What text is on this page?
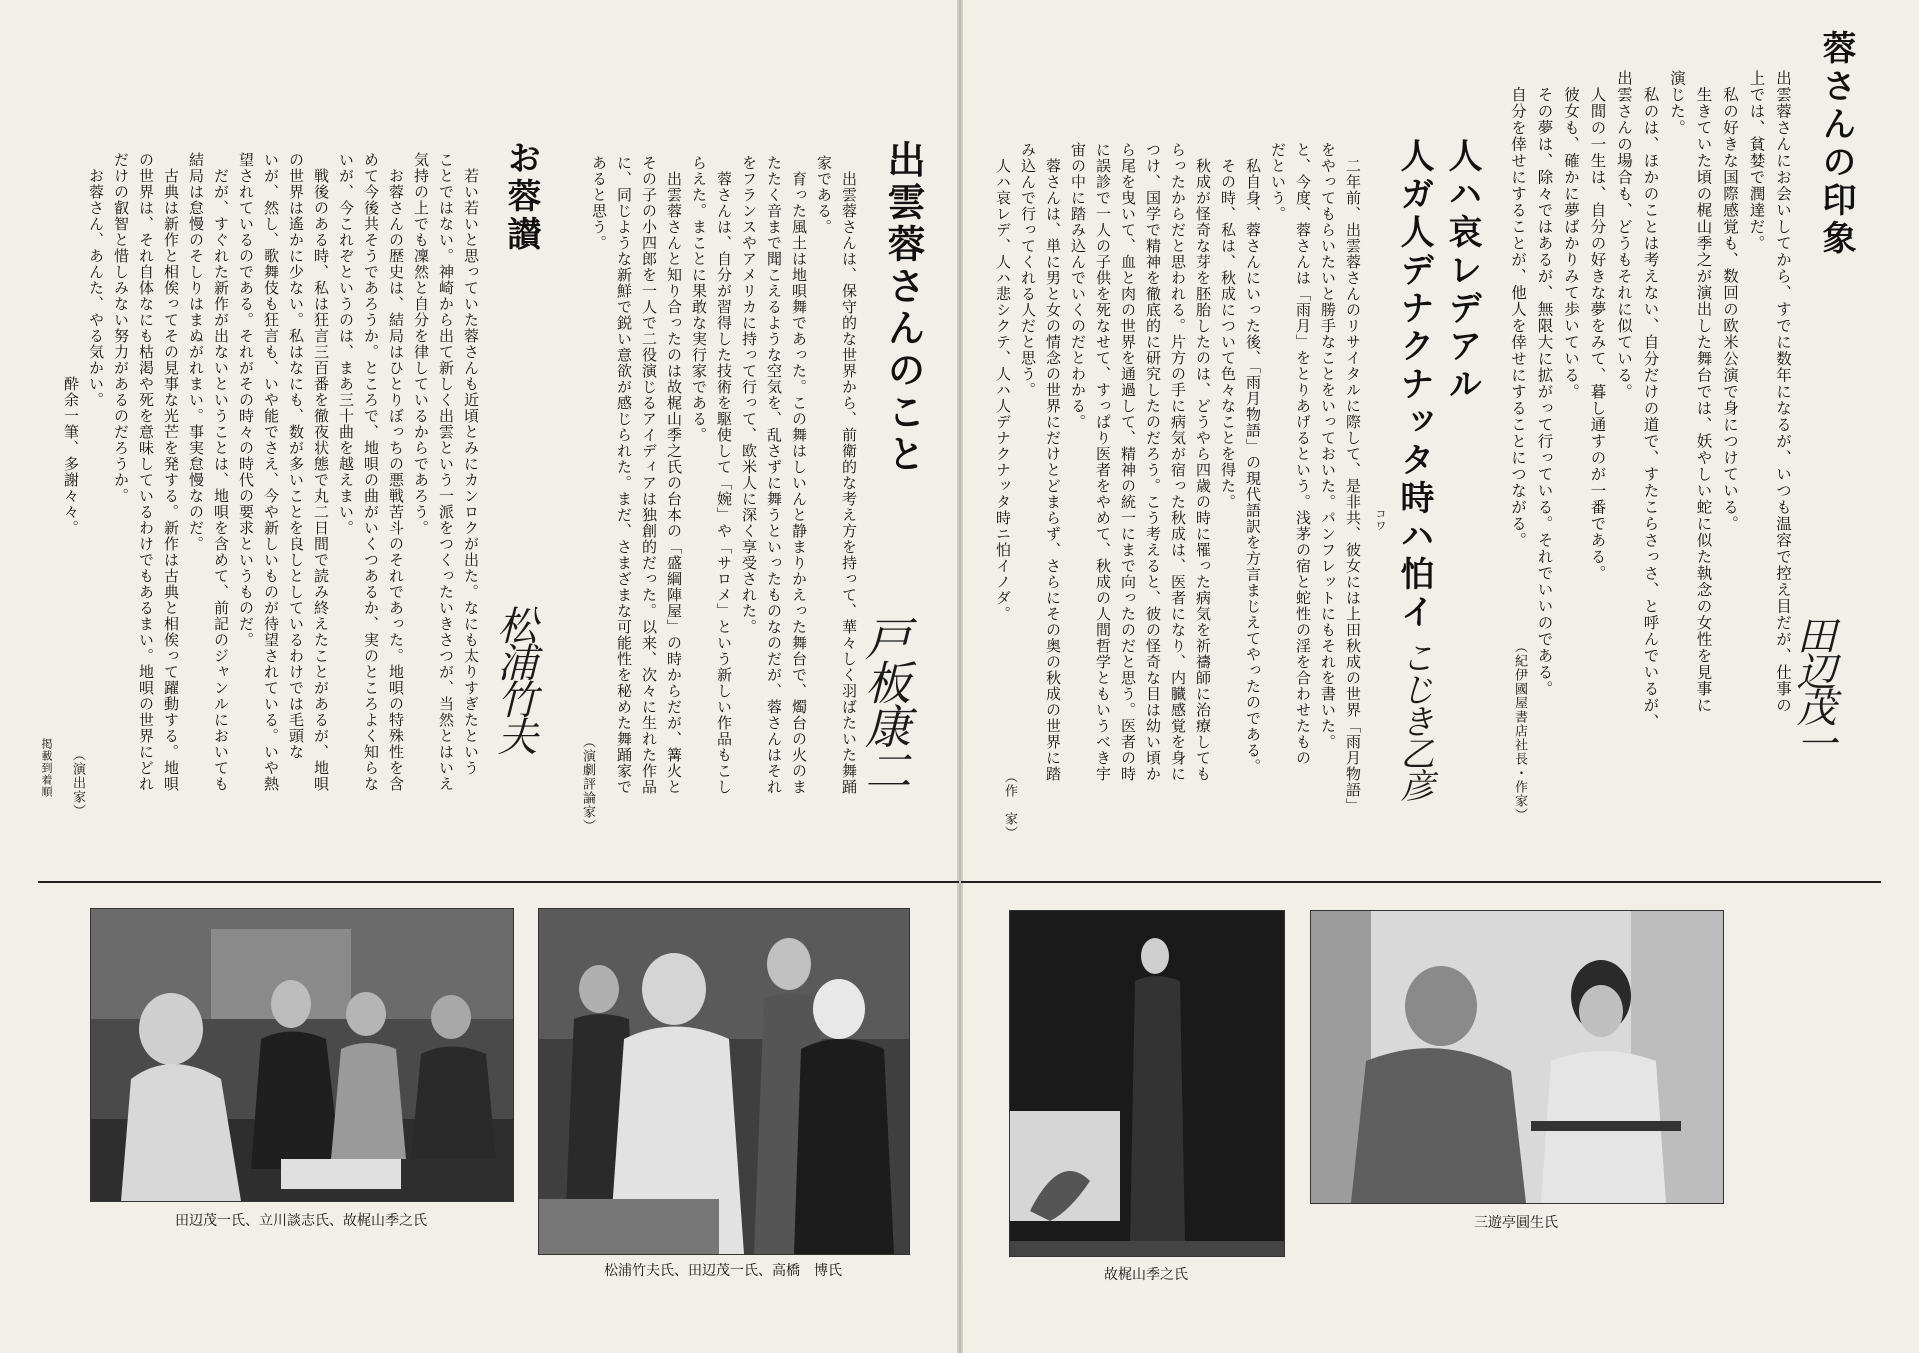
蓉さんの印象
出雲蓉さんにお会いしてから、すでに数年になるが、いつも温容で控え目だが、仕事の
上では、貧婪で潤達だ。
　私の好きな国際感覚も、数回の欧米公演で身につけている。
　生きていた頃の梶山季之が演出した舞台では、妖やしい蛇に似た執念の女性を見事に
演じた。
　私のは、ほかのことは考えない、自分だけの道で、すたこらさっさ、と呼んでいるが、
出雲さんの場合も、どうもそれに似ている。
　人間の一生は、自分の好きな夢をみて、暮し通すのが一番である。
　彼女も、確かに夢ばかりみて歩いている。
　その夢は、除々ではあるが、無限大に拡がって行っている。それでいいのである。
　自分を倖せにすることが、他人を倖せにすることにつながる。
（紀伊國屋書店社長・作家）	田辺茂一
人ハ哀レデアル
人ガ人デナクナッタ時ハ怕イ
コワ
　二年前、出雲蓉さんのリサイタルに際して、是非共、彼女には上田秋成の世界「雨月物語」
をやってもらいたいと勝手なことをいっておいた。パンフレットにもそれを書いた。
と、今度、蓉さんは「雨月」をとりあげるという。浅茅の宿と蛇性の淫を合わせたもの
だという。
　私自身、蓉さんにいった後、「雨月物語」の現代語訳を方言まじえてやったのである。
　その時、私は、秋成について色々なことを得た。
　秋成が怪奇な芽を胚胎したのは、どうやら四歳の時に罹った病気を祈禱師に治療しても
らったからだと思われる。片方の手に病気が宿った秋成は、医者になり、内臓感覚を身に
つけ、国学で精神を徹底的に研究したのだろう。こう考えると、彼の怪奇な目は幼い頃か
ら尾を曳いて、血と肉の世界を通過して、精神の統一にまで向ったのだと思う。医者の時
に誤診で一人の子供を死なせて、すっぱり医者をやめて、秋成の人間哲学ともいうべき宇
宙の中に踏み込んでいくのだとわかる。
　蓉さんは、単に男と女の情念の世界にだけとどまらず、さらにその奥の秋成の世界に踏
み込んで行ってくれる人だと思う。
　人ハ哀レデ、人ハ悲シクテ、人ハ人デナクナッタ時ニ怕イノダ。
（作　家）
こじき乙彦
出雲蓉さんのこと
　出雲蓉さんは、保守的な世界から、前衛的な考え方を持って、華々しく羽ばたいた舞踊
家である。
　育った風土は地唄舞であった。この舞はしいんと静まりかえった舞台で、燭台の火のま
たたく音まで聞こえるような空気を、乱さずに舞うといったものなのだが、蓉さんはそれ
をフランスやアメリカに持って行って、欧米人に深く享受された。
　蓉さんは、自分が習得した技術を駆使して「婉」や「サロメ」という新しい作品もこし
らえた。まことに果敢な実行家である。
　出雲蓉さんと知り合ったのは故梶山季之氏の台本の「盛綱陣屋」の時からだが、篝火と
その子の小四郎を一人で二役演じるアイディアは独創的だった。以来、次々に生れた作品
に、同じような新鮮で鋭い意欲が感じられた。まだ、さまざまな可能性を秘めた舞踊家で
あると思う。
（演劇評論家）	戸板康二
お蓉讃
　若い若いと思っていた蓉さんも近頃とみにカンロクが出た。なにも太りすぎたという
ことではない。神崎から出て新しく出雲という一派をつくったいきさつが、当然とはいえ
気持の上でも凜然と自分を律しているからであろう。
　お蓉さんの歴史は、結局はひとりぼっちの悪戦苦斗のそれであった。地唄の特殊性を含
めて今後共そうであろうか。ところで、地唄の曲がいくつあるか、実のところよく知らな
いが、今これぞというのは、まあ三十曲を越えまい。
　戦後のある時、私は狂言三百番を徹夜状態で丸二日間で読み終えたことがあるが、地唄
の世界は遙かに少ない。私はなにも、数が多いことを良しとしているわけでは毛頭な
いが、然し、歌舞伎も狂言も、いや能でさえ、今や新しいものが待望されている。いや熱
望されているのである。それがその時々の時代の要求というものだ。
　だが、すぐれた新作が出ないということは、地唄を含めて、前記のジャンルにおいても
結局は怠慢のそしりはまぬがれまい。事実怠慢なのだ。
　古典は新作と相俟ってその見事な光芒を発する。新作は古典と相俟って躍動する。地唄
の世界は、それ自体なにも枯渇や死を意味しているわけでもあるまい。地唄の世界にどれ
だけの叡智と惜しみない努力があるのだろうか。
　お蓉さん、あんた、やる気かい。
　　　　　　　　　　　　　　酔余一筆、多謝々々。
（演出家）
掲載到着順
松浦竹夫
田辺茂一氏、立川談志氏、故梶山季之氏
松浦竹夫氏、田辺茂一氏、高橋　博氏	故梶山季之氏
三遊亭圓生氏
